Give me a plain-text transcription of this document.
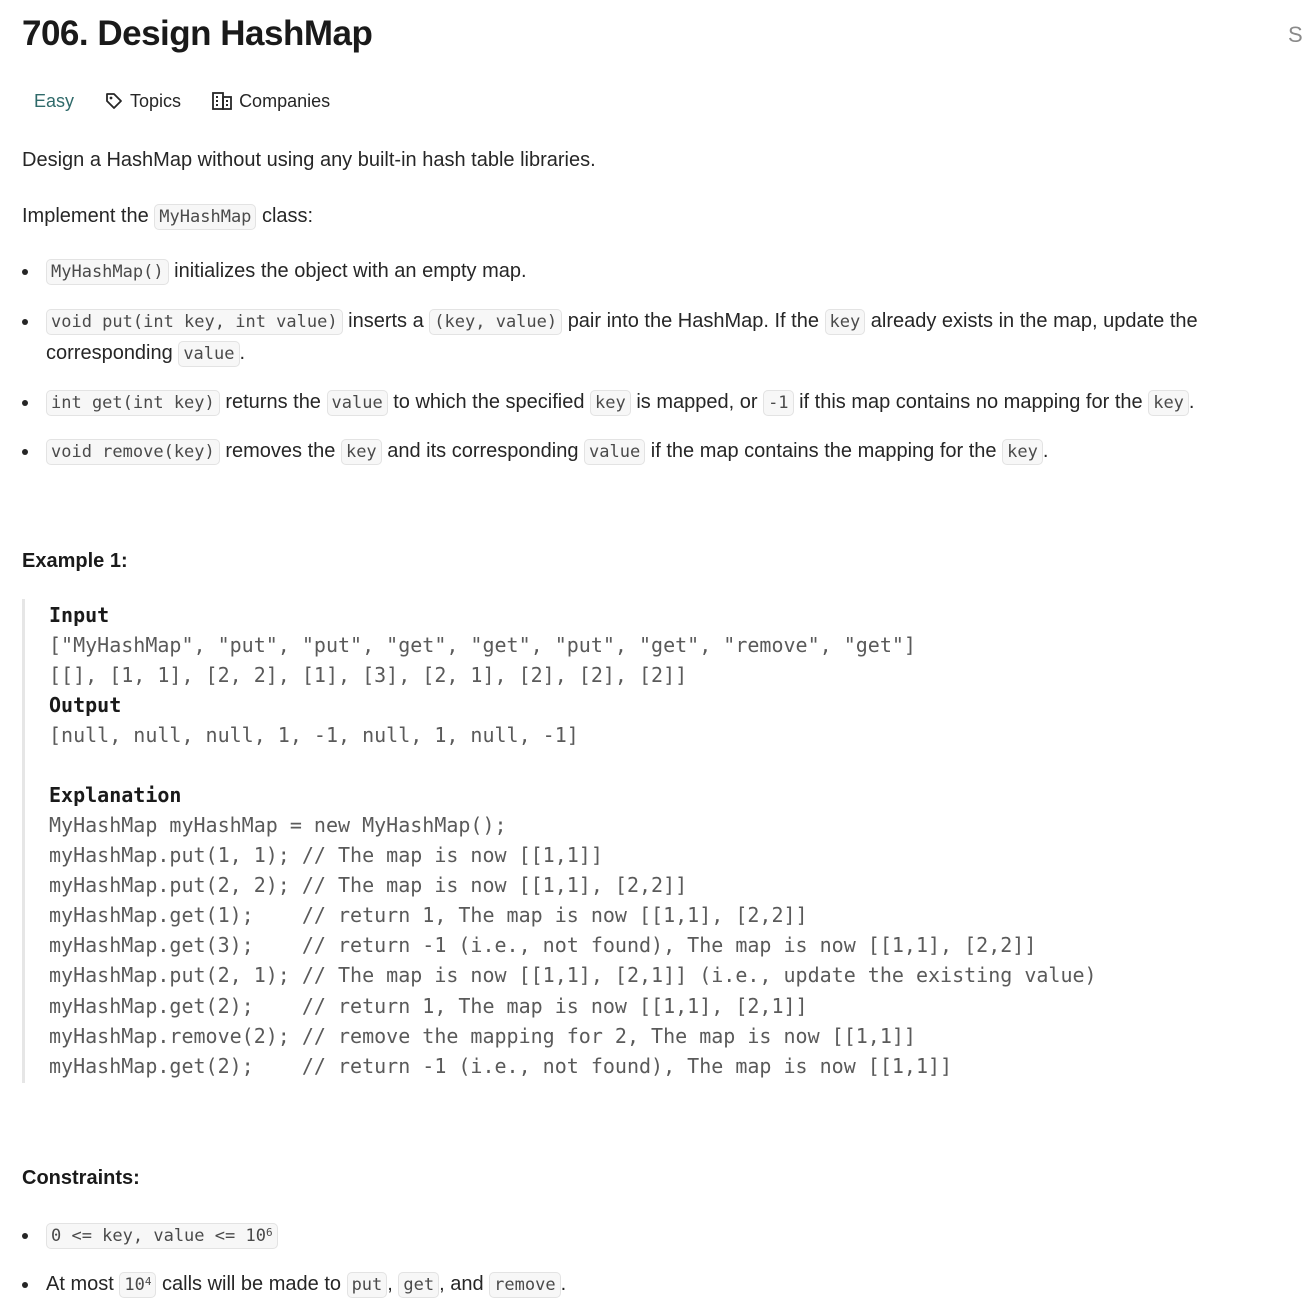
706. Design HashMap	S
Easy	Topics	Companies
Design a HashMap without using any built-in hash table libraries.
Implement the MyHashMap class:
MyHashMap() initializes the object with an empty map.
void put(int key, int value) inserts a (key, value) pair into the HashMap. If the key already exists in the map, update the corresponding value .
int get(int key) returns the value to which the specified key is mapped, or -1 if this map contains no mapping for the key .
void remove(key) removes the key and its corresponding value if the map contains the mapping for the key .
Example 1:
Input
["MyHashMap", "put", "put", "get", "get", "put", "get", "remove", "get"]
[[], [1, 1], [2, 2], [1], [3], [2, 1], [2], [2], [2]]
Output
[null, null, null, 1, -1, null, 1, null, -1]
Explanation
MyHashMap myHashMap = new MyHashMap();
myHashMap.put(1, 1); // The map is now [[1,1]]
myHashMap.put(2, 2); // The map is now [[1,1], [2,2]]
myHashMap.get(1);    // return 1, The map is now [[1,1], [2,2]]
myHashMap.get(3);    // return -1 (i.e., not found), The map is now [[1,1], [2,2]]
myHashMap.put(2, 1); // The map is now [[1,1], [2,1]] (i.e., update the existing value)
myHashMap.get(2);    // return 1, The map is now [[1,1], [2,1]]
myHashMap.remove(2); // remove the mapping for 2, The map is now [[1,1]]
myHashMap.get(2);    // return -1 (i.e., not found), The map is now [[1,1]]
Constraints:
0 <= key, value <= $10^6$
At most $10^4$ calls will be made to put , get , and remove .
